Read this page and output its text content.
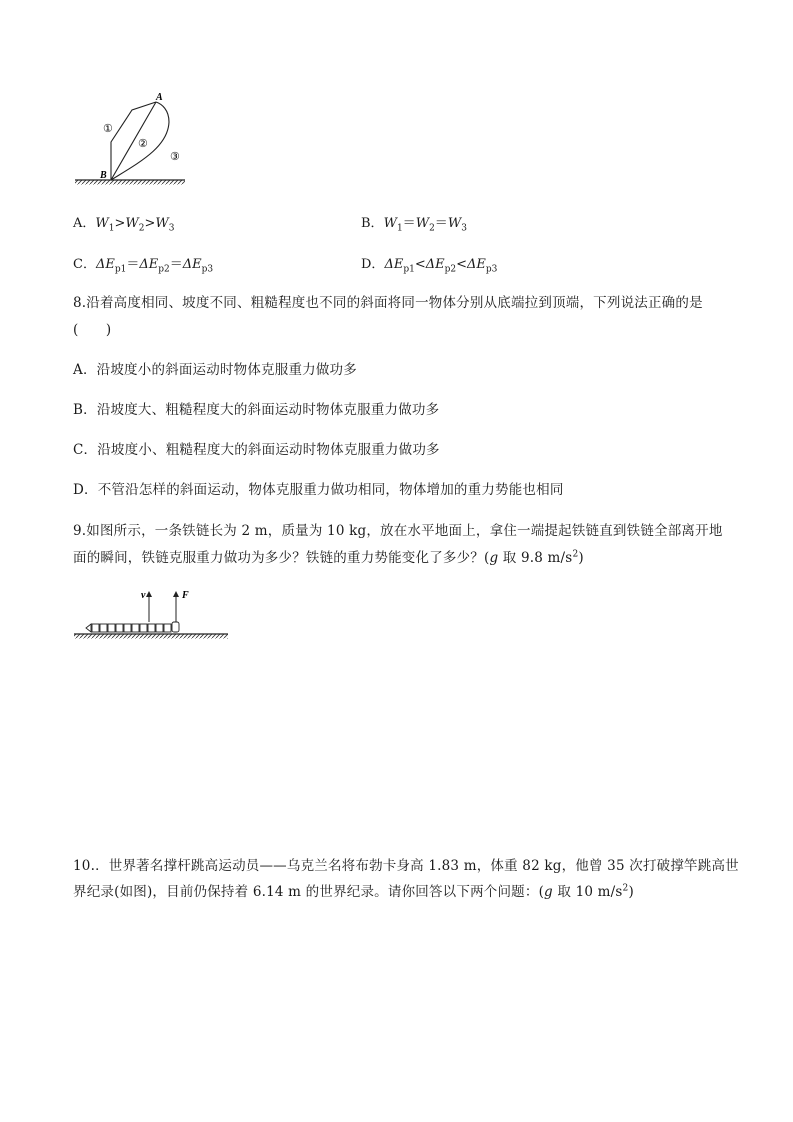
A
B
①
②
③
A．$W_1>W_2>W_3$	B．$W_1=W_2=W_3$
C．$\Delta E_{p1}=\Delta E_{p2}=\Delta E_{p3}$	D．$\Delta E_{p1}<\Delta E_{p2}<\Delta E_{p3}$
8.沿着高度相同、坡度不同、粗糙程度也不同的斜面将同一物体分别从底端拉到顶端，下列说法正确的是
(　　)
A．沿坡度小的斜面运动时物体克服重力做功多
B．沿坡度大、粗糙程度大的斜面运动时物体克服重力做功多
C．沿坡度小、粗糙程度大的斜面运动时物体克服重力做功多
D．不管沿怎样的斜面运动，物体克服重力做功相同，物体增加的重力势能也相同
9.如图所示，一条铁链长为 2 m，质量为 10 kg，放在水平地面上，拿住一端提起铁链直到铁链全部离开地
面的瞬间，铁链克服重力做功为多少？铁链的重力势能变化了多少？(g 取 9.8 $m/s^2$)
v	F
10.．世界著名撑杆跳高运动员——乌克兰名将布勃卡身高 1.83 m，体重 82 kg，他曾 35 次打破撑竿跳高世
界纪录(如图)，目前仍保持着 6.14 m 的世界纪录。请你回答以下两个问题：(g 取 10 $m/s^2$)
